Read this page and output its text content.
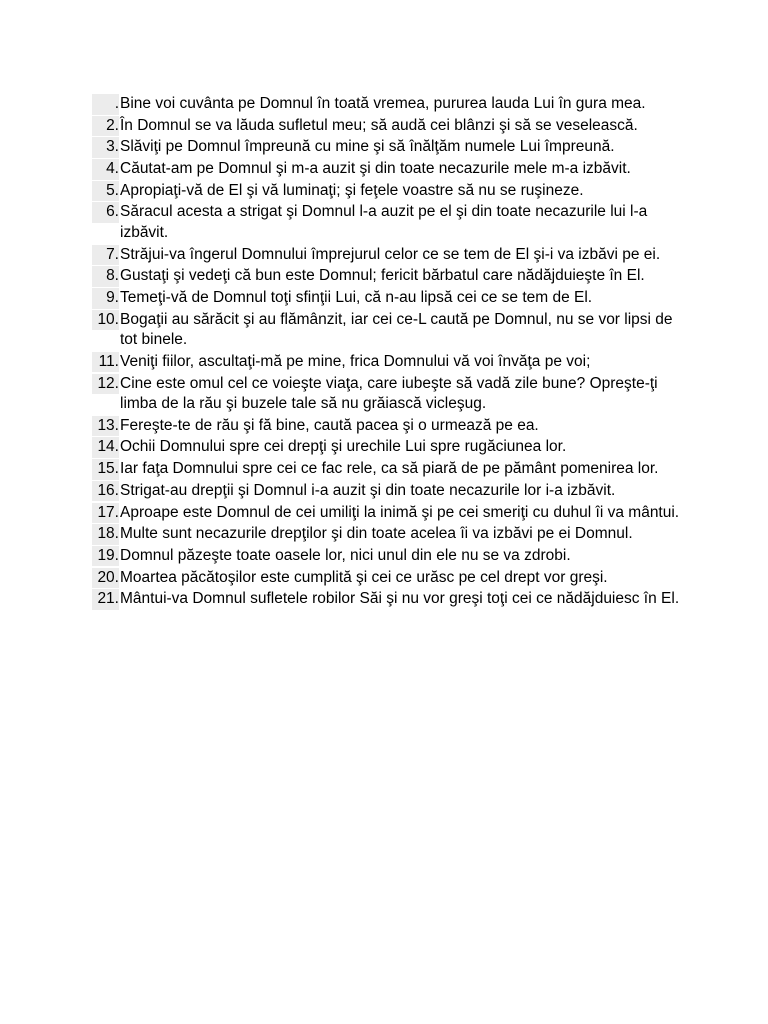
. Bine voi cuvânta pe Domnul în toată vremea, pururea lauda Lui în gura mea.
2. În Domnul se va lăuda sufletul meu; să audă cei blânzi şi să se veselească.
3. Slăviţi pe Domnul împreună cu mine şi să înălţăm numele Lui împreună.
4. Căutat-am pe Domnul şi m-a auzit şi din toate necazurile mele m-a izbăvit.
5. Apropiaţi-vă de El şi vă luminaţi; şi feţele voastre să nu se ruşineze.
6. Săracul acesta a strigat şi Domnul l-a auzit pe el şi din toate necazurile lui l-a izbăvit.
7. Străjui-va îngerul Domnului împrejurul celor ce se tem de El şi-i va izbăvi pe ei.
8. Gustaţi şi vedeţi că bun este Domnul; fericit bărbatul care nădăjduieşte în El.
9. Temeţi-vă de Domnul toţi sfinţii Lui, că n-au lipsă cei ce se tem de El.
10. Bogaţii au sărăcit şi au flămânzit, iar cei ce-L caută pe Domnul, nu se vor lipsi de tot binele.
11. Veniţi fiilor, ascultaţi-mă pe mine, frica Domnului vă voi învăţa pe voi;
12. Cine este omul cel ce voieşte viaţa, care iubeşte să vadă zile bune? Opreşte-ţi limba de la rău şi buzele tale să nu grăiască vicleşug.
13. Fereşte-te de rău şi fă bine, caută pacea şi o urmează pe ea.
14. Ochii Domnului spre cei drepţi şi urechile Lui spre rugăciunea lor.
15. Iar faţa Domnului spre cei ce fac rele, ca să piară de pe pământ pomenirea lor.
16. Strigat-au drepţii şi Domnul i-a auzit şi din toate necazurile lor i-a izbăvit.
17. Aproape este Domnul de cei umiliţi la inimă şi pe cei smeriţi cu duhul îi va mântui.
18. Multe sunt necazurile drepţilor şi din toate acelea îi va izbăvi pe ei Domnul.
19. Domnul păzeşte toate oasele lor, nici unul din ele nu se va zdrobi.
20. Moartea păcătoşilor este cumplită şi cei ce urăsc pe cel drept vor greşi.
21. Mântui-va Domnul sufletele robilor Săi şi nu vor greşi toţi cei ce nădăjduiesc în El.
